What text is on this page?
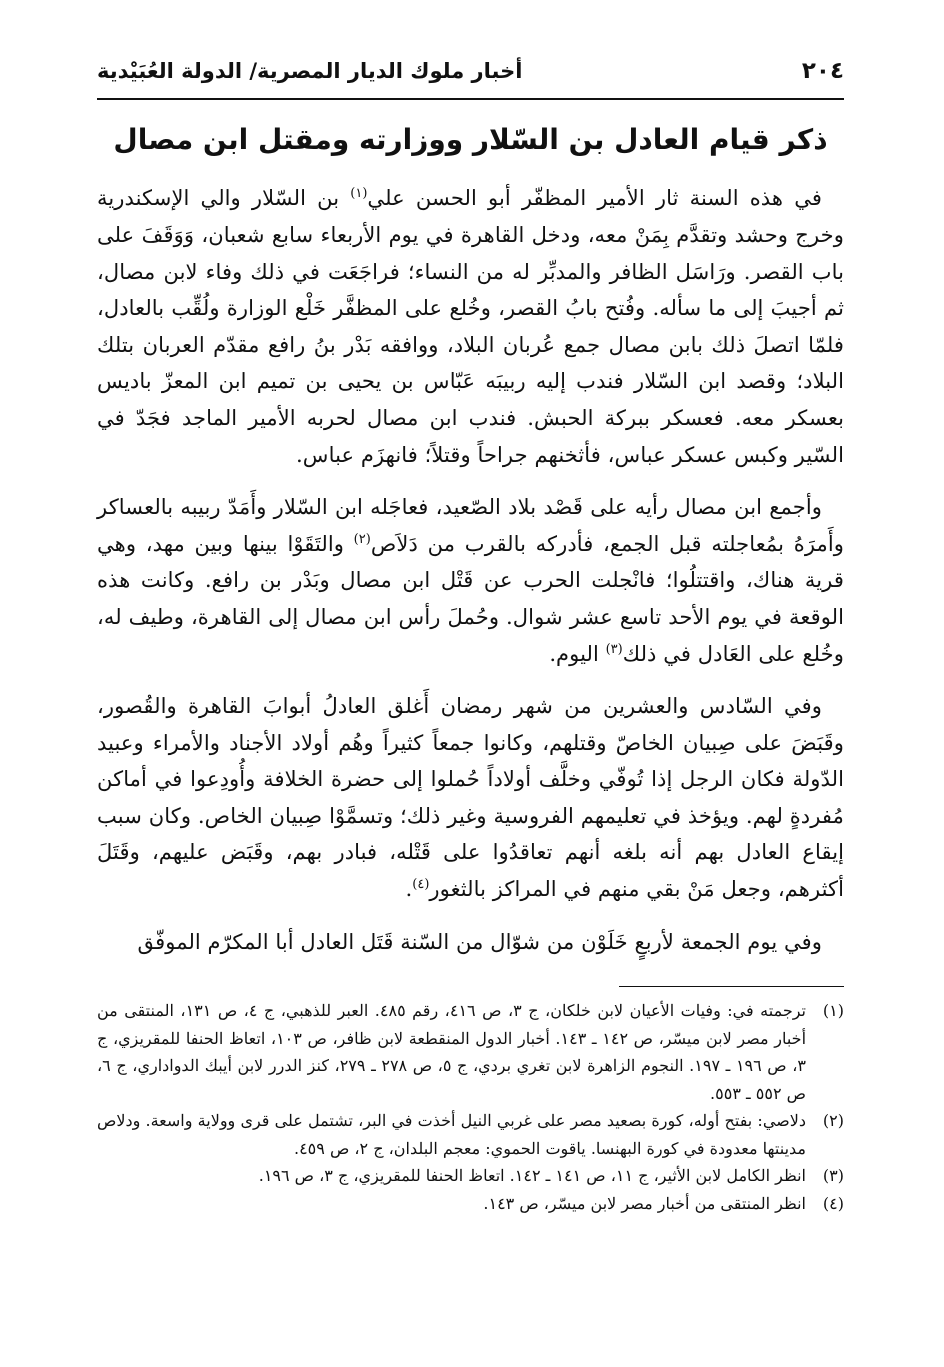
٢٠٤
أخبار ملوك الديار المصرية/ الدولة العُبَيْدية
ذكر قيام العادل بن السّلار ووزارته ومقتل ابن مصال

في هذه السنة ثار الأمير المظفّر أبو الحسن علي$^{(١)}$ بن السّلار والي الإسكندرية وخرج وحشد وتقدَّم بِمَنْ معه، ودخل القاهرة في يوم الأربعاء سابع شعبان، وَوَقَفَ على باب القصر. ورَاسَل الظافر والمدبِّر له من النساء؛ فراجَعَت في ذلك وفاء لابن مصال، ثم أجيبَ إلى ما سأله. وفُتح بابُ القصر، وخُلع على المظفَّر خَلْع الوزارة ولُقِّب بالعادل، فلمّا اتصلَ ذلك بابن مصال جمع عُربان البلاد، ووافقه بَدْر بنُ رافع مقدّم العربان بتلك البلاد؛ وقصد ابن السّلار فندب إليه ربيبَه عَبّاس بن يحيى بن تميم ابن المعزّ باديس بعسكر معه. فعسكر ببركة الحبش. فندب ابن مصال لحربه الأمير الماجد فجَدّ في السّير وكبس عسكر عباس، فأثخنهم جراحاً وقتلاً؛ فانهزَم عباس.

وأجمع ابن مصال رأيه على قَصْد بلاد الصّعيد، فعاجَله ابن السّلار وأَمَدّ ربيبه بالعساكر وأَمرَهُ بمُعاجلته قبل الجمع، فأدركه بالقرب من دَلاَص$^{(٢)}$ والتَقَوْا بينها وبين مهد، وهي قرية هناك، واقتتلُوا؛ فانْجلت الحرب عن قَتْل ابن مصال وبَدْر بن رافع. وكانت هذه الوقعة في يوم الأحد تاسع عشر شوال. وحُملَ رأس ابن مصال إلى القاهرة، وطيف له، وخُلع على العَادل في ذلك$^{(٣)}$ اليوم.

وفي السّادس والعشرين من شهر رمضان أَغلق العادلُ أبوابَ القاهرة والقُصور، وقَبَضَ على صِبيان الخاصّ وقتلهم، وكانوا جمعاً كثيراً وهُم أولاد الأجناد والأمراء وعبيد الدّولة فكان الرجل إذا تُوفّي وخلَّف أولاداً حُملوا إلى حضرة الخلافة وأُودِعوا في أماكن مُفردةٍ لهم. ويؤخذ في تعليمهم الفروسية وغير ذلك؛ وتسمَّوْا صِبيان الخاص. وكان سبب إيقاع العادل بهم أنه بلغه أنهم تعاقدُوا على قَتْله، فبادر بهم، وقَبَض عليهم، وقَتَلَ أكثرهم، وجعل مَنْ بقي منهم في المراكز بالثغور$^{(٤)}$.

وفي يوم الجمعة لأربعٍ خَلَوْن من شوّال من السّنة قَتَل العادل أبا المكرّم الموفّق

(١)
ترجمته في: وفيات الأعيان لابن خلكان، ج ٣، ص ٤١٦، رقم ٤٨٥. العبر للذهبي، ج ٤، ص ١٣١، المنتقى من أخبار مصر لابن ميسّر، ص ١٤٢ ـ ١٤٣. أخبار الدول المنقطعة لابن ظافر، ص ١٠٣، اتعاظ الحنفا للمقريزي، ج ٣، ص ١٩٦ ـ ١٩٧. النجوم الزاهرة لابن تغري بردي، ج ٥، ص ٢٧٨ ـ ٢٧٩، كنز الدرر لابن أيبك الدواداري، ج ٦، ص ٥٥٢ ـ ٥٥٣.
(٢)
دلاصي: بفتح أوله، كورة بصعيد مصر على غربي النيل أخذت في البر، تشتمل على قرى وولاية واسعة. ودلاص مدينتها معدودة في كورة البهنسا. ياقوت الحموي: معجم البلدان، ج ٢، ص ٤٥٩.
(٣)
انظر الكامل لابن الأثير، ج ١١، ص ١٤١ ـ ١٤٢. اتعاظ الحنفا للمقريزي، ج ٣، ص ١٩٦.
(٤)
انظر المنتقى من أخبار مصر لابن ميسّر، ص ١٤٣.
